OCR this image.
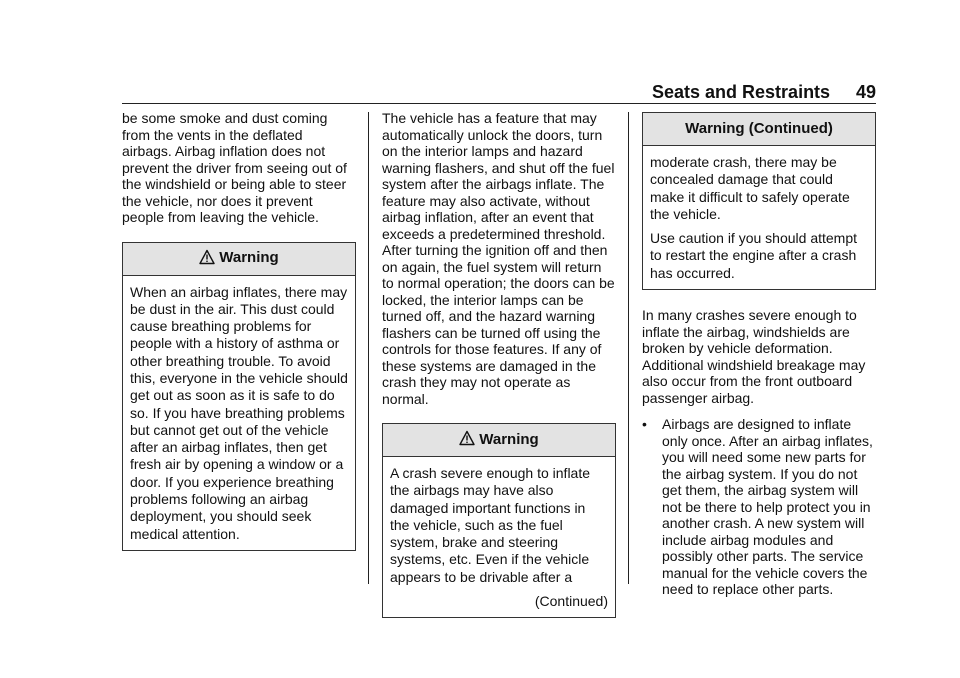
Seats and Restraints 49

be some smoke and dust coming from the vents in the deflated airbags. Airbag inflation does not prevent the driver from seeing out of the windshield or being able to steer the vehicle, nor does it prevent people from leaving the vehicle.

Warning

When an airbag inflates, there may be dust in the air. This dust could cause breathing problems for people with a history of asthma or other breathing trouble. To avoid this, everyone in the vehicle should get out as soon as it is safe to do so. If you have breathing problems but cannot get out of the vehicle after an airbag inflates, then get fresh air by opening a window or a door. If you experience breathing problems following an airbag deployment, you should seek medical attention.

The vehicle has a feature that may automatically unlock the doors, turn on the interior lamps and hazard warning flashers, and shut off the fuel system after the airbags inflate. The feature may also activate, without airbag inflation, after an event that exceeds a predetermined threshold. After turning the ignition off and then on again, the fuel system will return to normal operation; the doors can be locked, the interior lamps can be turned off, and the hazard warning flashers can be turned off using the controls for those features. If any of these systems are damaged in the crash they may not operate as normal.

Warning

A crash severe enough to inflate the airbags may have also damaged important functions in the vehicle, such as the fuel system, brake and steering systems, etc. Even if the vehicle appears to be drivable after a

(Continued)

Warning (Continued)

moderate crash, there may be concealed damage that could make it difficult to safely operate the vehicle.

Use caution if you should attempt to restart the engine after a crash has occurred.

In many crashes severe enough to inflate the airbag, windshields are broken by vehicle deformation. Additional windshield breakage may also occur from the front outboard passenger airbag.

•	Airbags are designed to inflate only once. After an airbag inflates, you will need some new parts for the airbag system. If you do not get them, the airbag system will not be there to help protect you in another crash. A new system will include airbag modules and possibly other parts. The service manual for the vehicle covers the need to replace other parts.
